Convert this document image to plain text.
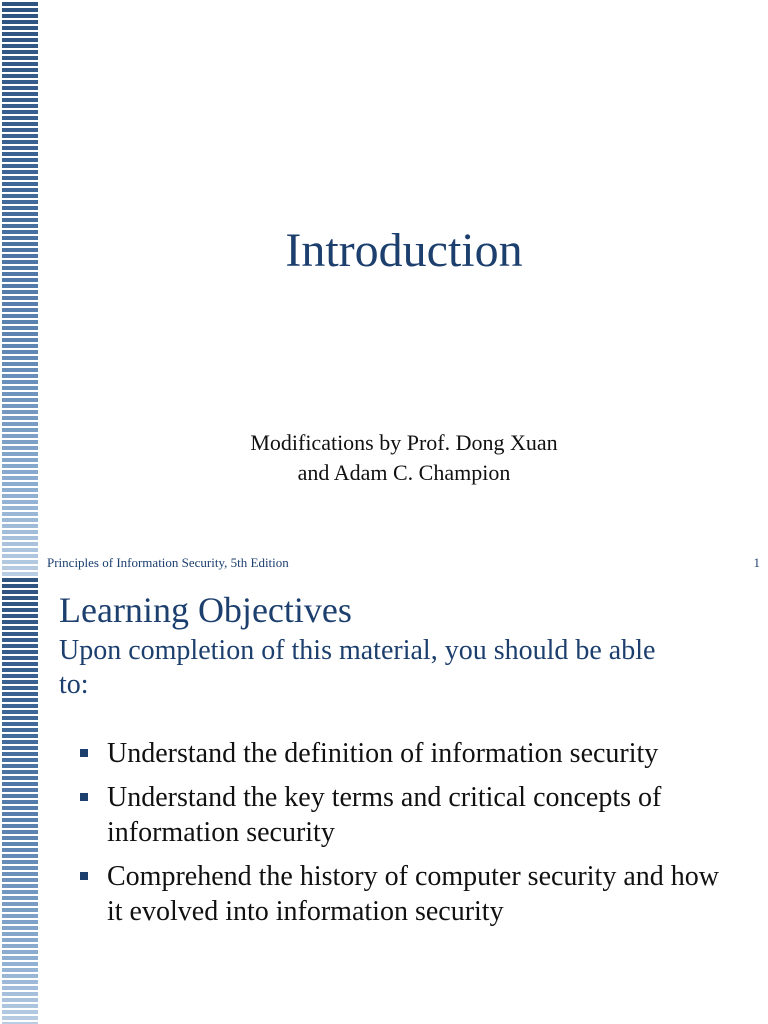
Introduction
Modifications by Prof. Dong Xuan
and Adam C. Champion
Principles of Information Security, 5th Edition	1
Learning Objectives
Upon completion of this material, you should be able to:
Understand the definition of information security
Understand the key terms and critical concepts of information security
Comprehend the history of computer security and how it evolved into information security
